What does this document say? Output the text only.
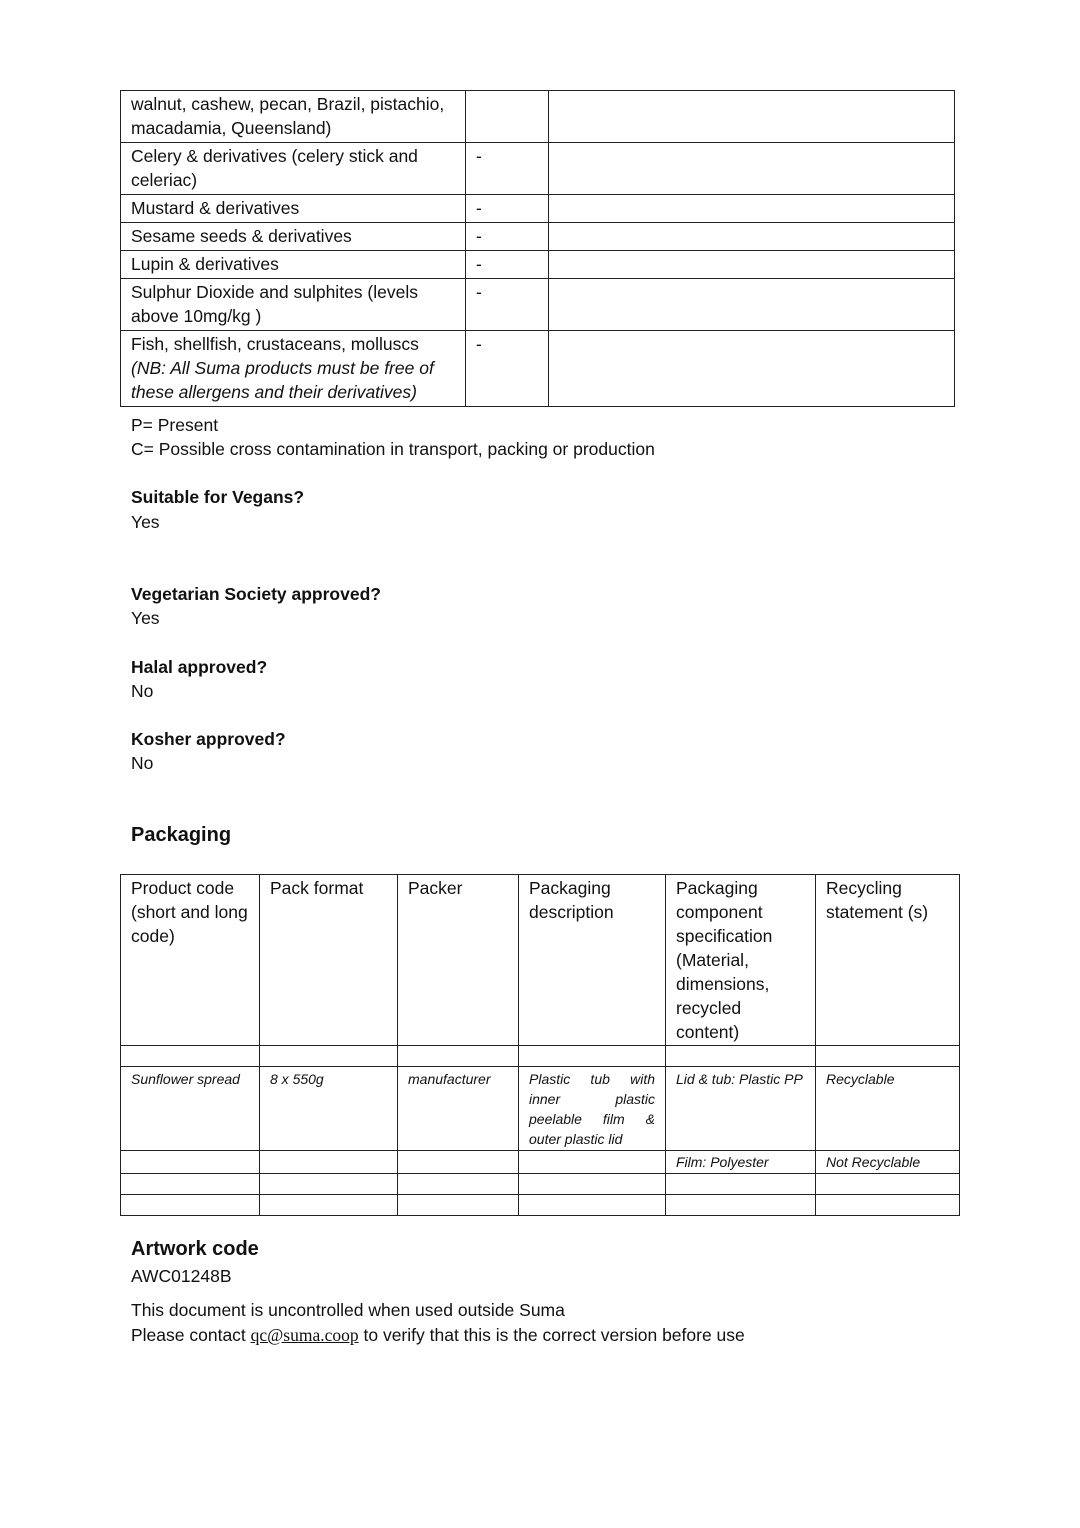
walnut, cashew, pecan, Brazil, pistachio, macadamia, Queensland)		
Celery & derivatives (celery stick and celeriac)	-	
Mustard & derivatives	-	
Sesame seeds & derivatives	-	
Lupin & derivatives	-	
Sulphur Dioxide and sulphites (levels above 10mg/kg )	-	

Fish, shellfish, crustaceans, molluscs
(NB: All Suma products must be free of these allergens and their derivatives)	-	
P= Present
C= Possible cross contamination in transport, packing or production
Suitable for Vegans?
Yes
Vegetarian Society approved?
Yes
Halal approved?
No
Kosher approved?
No
Packaging
Product code (short and long code)	Pack format	Packer	Packaging description	Packaging component specification (Material, dimensions, recycled content)	Recycling statement (s)

Sunflower spread	8 x 550g	manufacturer	Plastic tub with inner plastic peelable film & outer plastic lid	Lid & tub: Plastic PP	Recyclable
				Film: Polyester	Not Recyclable

Artwork code
AWC01248B
This document is uncontrolled when used outside Suma
Please contact qc@suma.coop to verify that this is the correct version before use
